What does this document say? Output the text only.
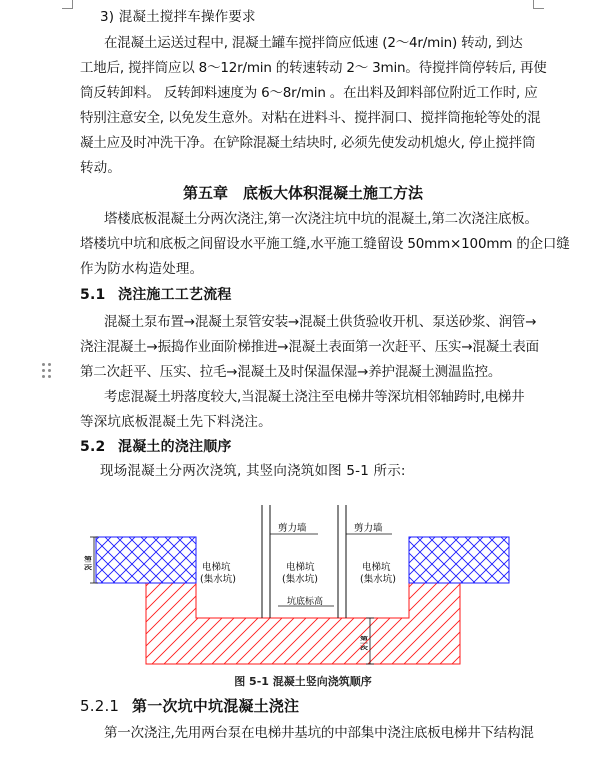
3) 混凝土搅拌车操作要求
在混凝土运送过程中, 混凝土罐车搅拌筒应低速 (2～4r/min) 转动, 到达
工地后, 搅拌筒应以 8～12r/min 的转速转动 2～ 3min。待搅拌筒停转后, 再使
筒反转卸料。 反转卸料速度为 6～8r/min 。在出料及卸料部位附近工作时, 应
特别注意安全, 以免发生意外。对粘在进料斗、搅拌洞口、搅拌筒拖轮等处的混
凝土应及时冲洗干净。在铲除混凝土结块时, 必须先使发动机熄火, 停止搅拌筒
转动。
第五章　底板大体积混凝土施工方法
塔楼底板混凝土分两次浇注,第一次浇注坑中坑的混凝土,第二次浇注底板。
塔楼坑中坑和底板之间留设水平施工缝,水平施工缝留设 50mm×100mm 的企口缝
作为防水构造处理。
5.1 浇注施工工艺流程
混凝土泵布置→混凝土泵管安装→混凝土供货验收开机、泵送砂浆、润管→
浇注混凝土→振捣作业面阶梯推进→混凝土表面第一次赶平、压实→混凝土表面
第二次赶平、压实、拉毛→混凝土及时保温保湿→养护混凝土测温监控。
考虑混凝土坍落度较大,当混凝土浇注至电梯井等深坑相邻轴跨时,电梯井
等深坑底板混凝土先下料浇注。
5.2 混凝土的浇注顺序
现场混凝土分两次浇筑, 其竖向浇筑如图 5-1 所示:
剪力墙	剪力墙
电梯坑
(集水坑)
电梯坑
(集水坑)
电梯坑
(集水坑)
坑底标高
第二次
第一次
图 5-1 混凝土竖向浇筑顺序
5.2.1 第一次坑中坑混凝土浇注
第一次浇注,先用两台泵在电梯井基坑的中部集中浇注底板电梯井下结构混
